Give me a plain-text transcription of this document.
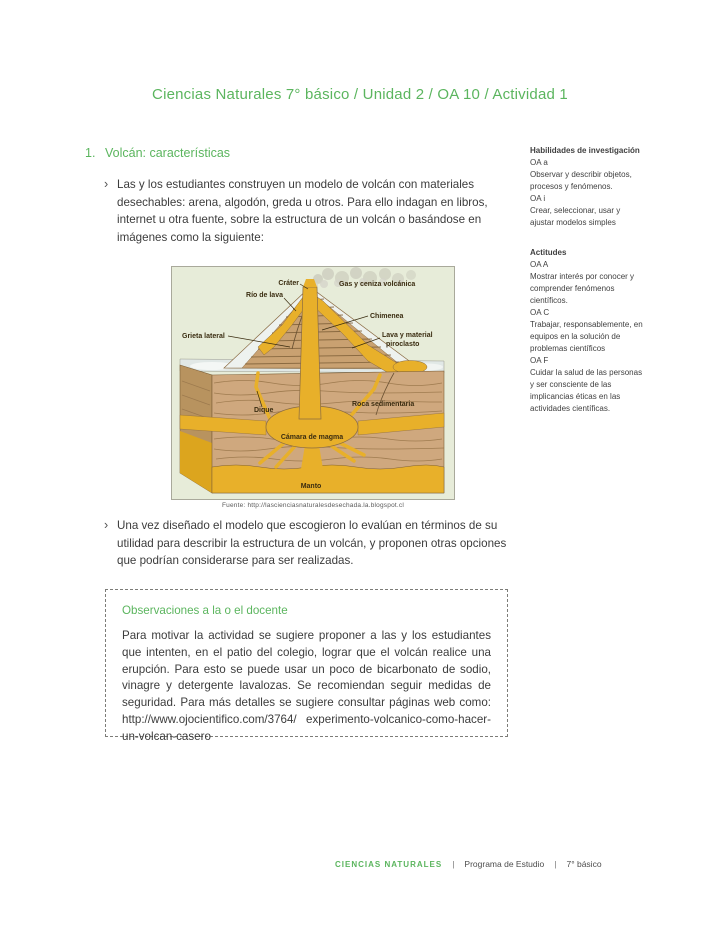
Ciencias Naturales 7° básico / Unidad 2 / OA 10 / Actividad 1
1. Volcán: características
› Las y los estudiantes construyen un modelo de volcán con materiales desechables: arena, algodón, greda u otros. Para ello indagan en libros, internet u otra fuente, sobre la estructura de un volcán o basándose en imágenes como la siguiente:
Cráter
Río de lava
Gas y ceniza volcánica
Chimenea
Lava y material
piroclasto
Grieta lateral
Dique
Roca sedimentaria
Cámara de magma
Manto
Fuente: http://lascienciasnaturalesdesechada.la.blogspot.cl
› Una vez diseñado el modelo que escogieron lo evalúan en términos de su utilidad para describir la estructura de un volcán, y proponen otras opciones que podrían considerarse para ser realizadas.
Observaciones a la o el docente
Para motivar la actividad se sugiere proponer a las y los estudiantes que intenten, en el patio del colegio, lograr que el volcán realice una erupción. Para esto se puede usar un poco de bicarbonato de sodio, vinagre y detergente lavalozas. Se recomiendan seguir medidas de seguridad. Para más detalles se sugiere consultar páginas web como: http://www.ojocientifico.com/3764/ experimento-volcanico-como-hacer-un-volcan-casero
Habilidades de investigación
OA a
Observar y describir objetos, procesos y fenómenos.
OA i
Crear, seleccionar, usar y ajustar modelos simples
Actitudes
OA A
Mostrar interés por conocer y comprender fenómenos científicos.
OA C
Trabajar, responsablemente, en equipos en la solución de problemas científicos
OA F
Cuidar la salud de las personas y ser consciente de las implicancias éticas en las actividades científicas.
CIENCIAS NATURALES | Programa de Estudio | 7° básico
